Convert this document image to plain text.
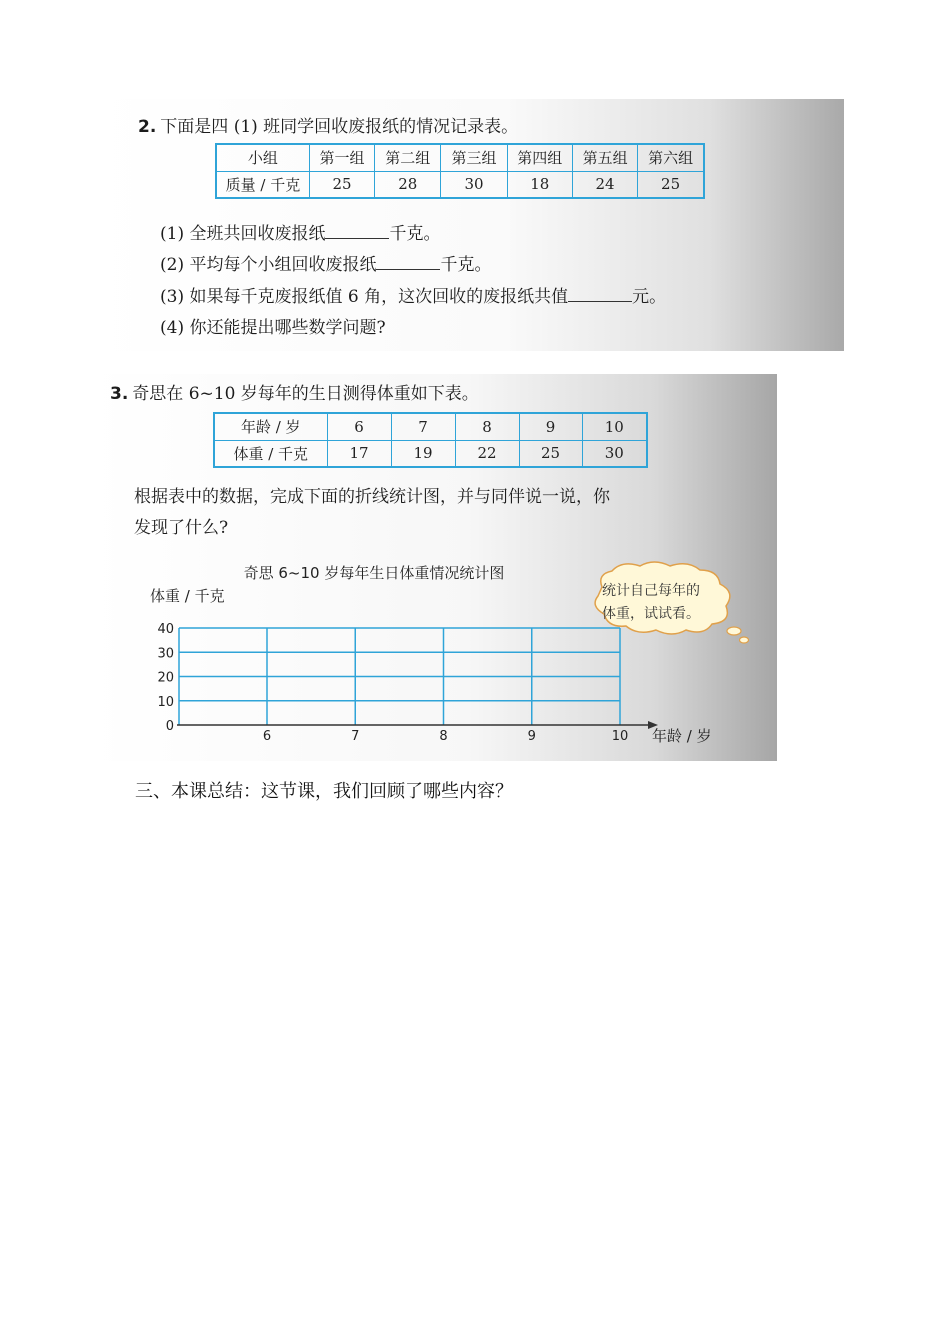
2. 下面是四 (1) 班同学回收废报纸的情况记录表。
小组	第一组	第二组	第三组	第四组	第五组	第六组
质量 / 千克	25	28	30	18	24	25
(1) 全班共回收废报纸	千克。
(2) 平均每个小组回收废报纸	千克。
(3) 如果每千克废报纸值 6 角，这次回收的废报纸共值	元。
(4) 你还能提出哪些数学问题?
3. 奇思在 6~10 岁每年的生日测得体重如下表。
年龄 / 岁	6	7	8	9	10
体重 / 千克	17	19	22	25	30
根据表中的数据，完成下面的折线统计图，并与同伴说一说，你
发现了什么?
奇思 6~10 岁每年生日体重情况统计图
体重 / 千克
年龄 / 岁
0
10
20
30
40
6	7	8	9	10
统计自己每年的
体重，试试看。
三、本课总结：这节课，我们回顾了哪些内容？
